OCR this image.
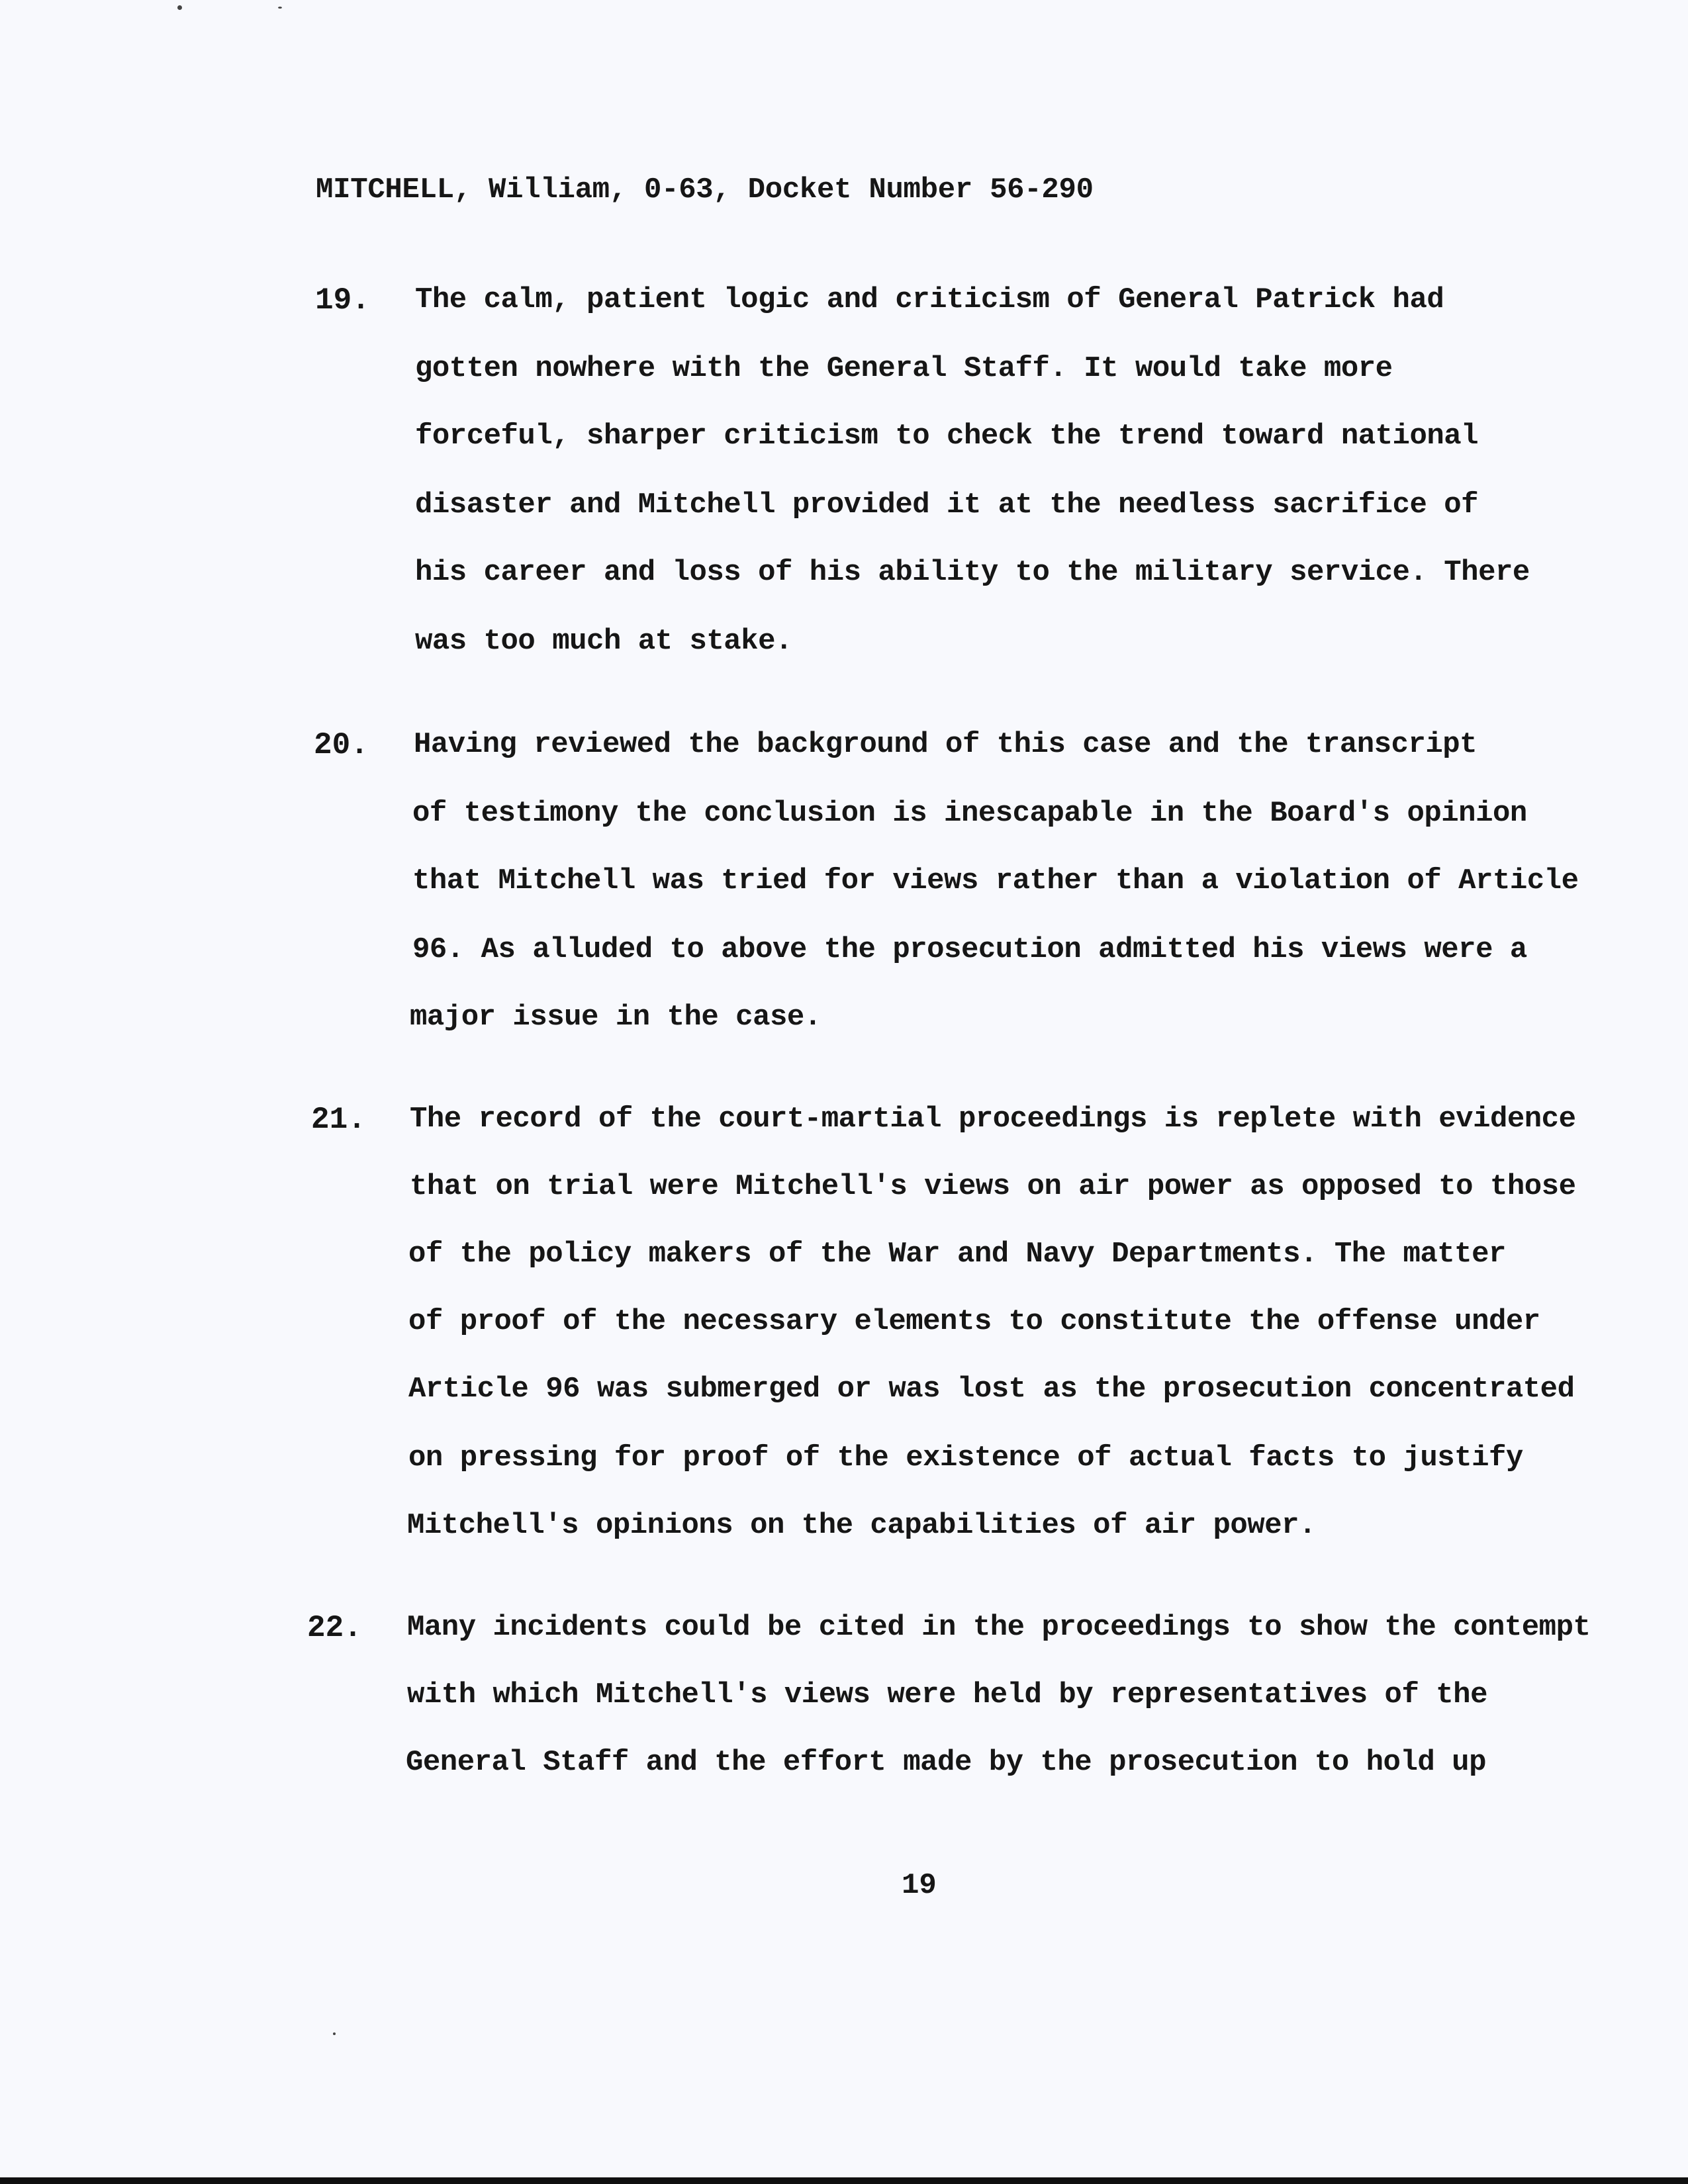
MITCHELL, William, 0-63, Docket Number 56-290
19. The calm, patient logic and criticism of General Patrick had
gotten nowhere with the General Staff. It would take more
forceful, sharper criticism to check the trend toward national
disaster and Mitchell provided it at the needless sacrifice of
his career and loss of his ability to the military service. There
was too much at stake.
20. Having reviewed the background of this case and the transcript
of testimony the conclusion is inescapable in the Board's opinion
that Mitchell was tried for views rather than a violation of Article
96. As alluded to above the prosecution admitted his views were a
major issue in the case.
21. The record of the court-martial proceedings is replete with evidence
that on trial were Mitchell's views on air power as opposed to those
of the policy makers of the War and Navy Departments. The matter
of proof of the necessary elements to constitute the offense under
Article 96 was submerged or was lost as the prosecution concentrated
on pressing for proof of the existence of actual facts to justify
Mitchell's opinions on the capabilities of air power.
22. Many incidents could be cited in the proceedings to show the contempt
with which Mitchell's views were held by representatives of the
General Staff and the effort made by the prosecution to hold up
19
